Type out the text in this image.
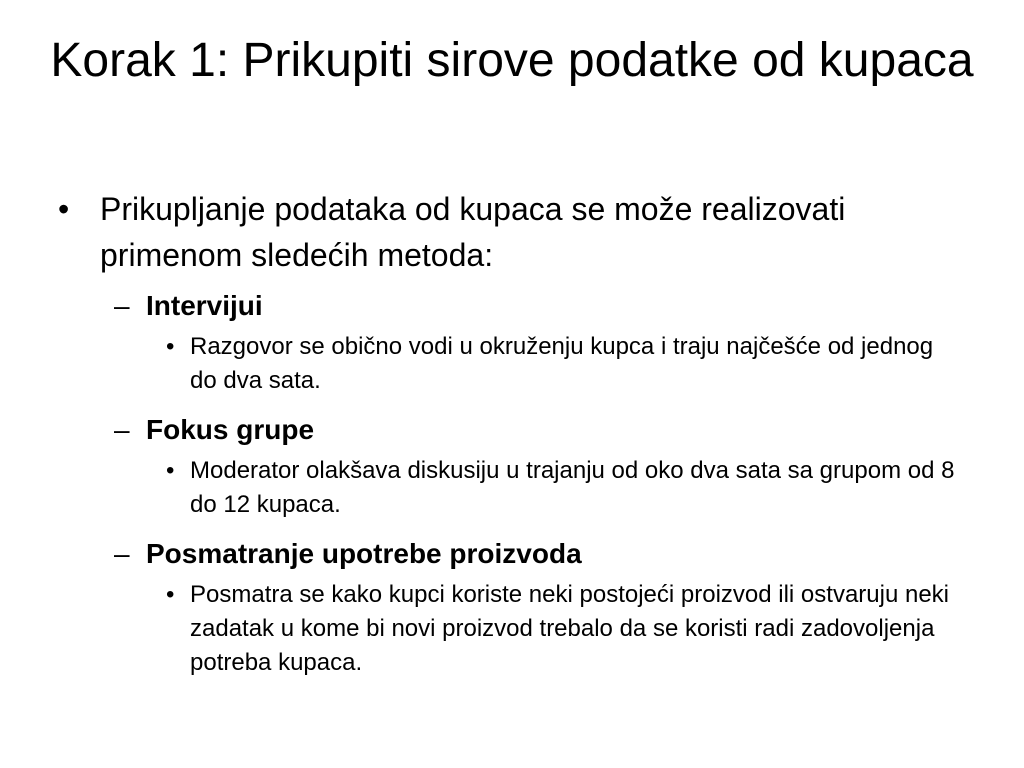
Korak 1: Prikupiti sirove podatke od kupaca
• Prikupljanje podataka od kupaca se može realizovati primenom sledećih metoda:
– Intervijui
• Razgovor se obično vodi u okruženju kupca i traju najčešće od jednog do dva sata.
– Fokus grupe
• Moderator olakšava diskusiju u trajanju od oko dva sata sa grupom od 8 do 12 kupaca.
– Posmatranje upotrebe proizvoda
• Posmatra se kako kupci koriste neki postojeći proizvod ili ostvaruju neki zadatak u kome bi novi proizvod trebalo da se koristi radi zadovoljenja potreba kupaca.
